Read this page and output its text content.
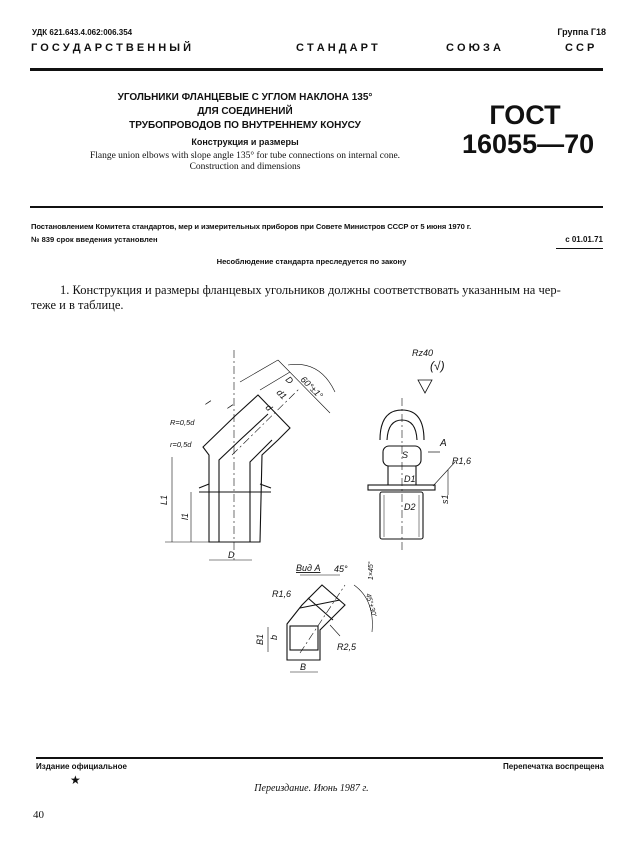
УДК 621.643.4.062:006.354	Группа Г18
Г О С У Д А Р С Т В Е Н Н Ы Й	С Т А Н Д А Р Т	С О Ю З А	С С Р
УГОЛЬНИКИ ФЛАНЦЕВЫЕ С УГЛОМ НАКЛОНА 135°
ДЛЯ СОЕДИНЕНИЙ
ТРУБОПРОВОДОВ ПО ВНУТРЕННЕМУ КОНУСУ
Конструкция и размеры
Flange union elbows with slope angle 135° for tube connections on internal cone.
Construction and dimensions
ГОСТ
16055—70
Постановлением Комитета стандартов, мер и измерительных приборов при Совете Министров СССР от 5 июня 1970 г.
№ 839 срок введения установлен	с 01.01.71
Несоблюдение стандарта преследуется по закону
1. Конструкция и размеры фланцевых угольников должны соответствовать указанным на чер-
теже и в таблице.
Rz40
(√)
60°±1°
D
d1
d
l l
R=0,5d
r=0,5d
L1
l1
D
S
A
R1,6
D1
D2
s1
1×45°
Вид А 45°
45°±30'
R1,6
R2,5
B
B1 b
Издание официальное	Перепечатка воспрещена
★
Переиздание. Июнь 1987 г.
40
